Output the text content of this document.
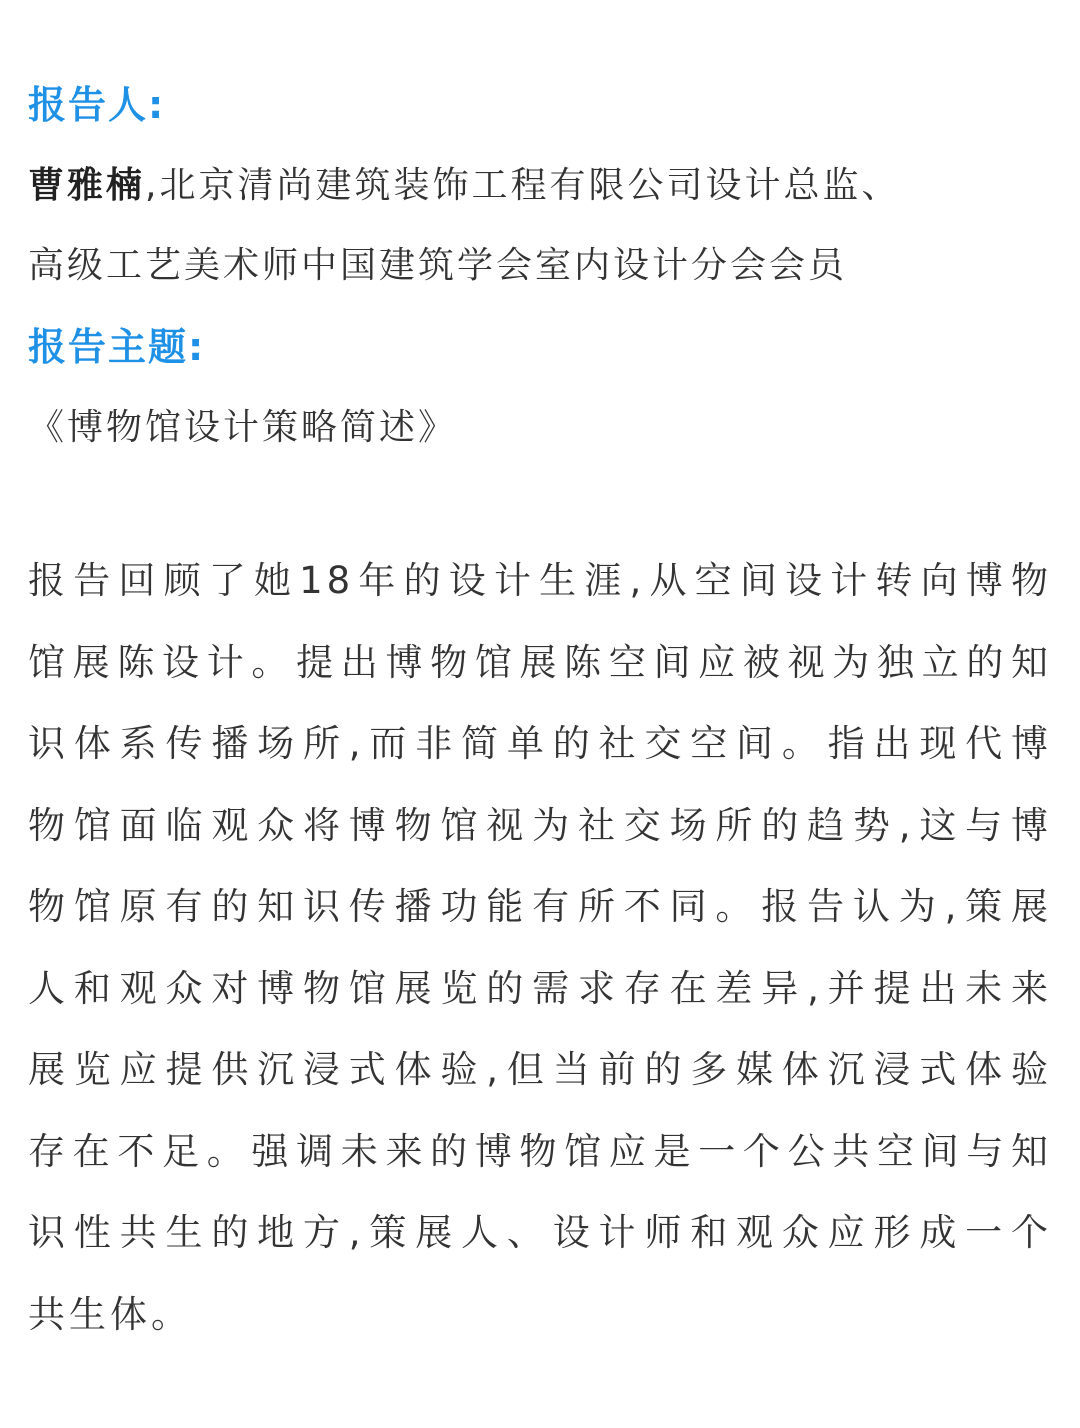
报告人:
曹雅楠,北京清尚建筑装饰工程有限公司设计总监、
高级工艺美术师中国建筑学会室内设计分会会员
报告主题:
《博物馆设计策略简述》

报告回顾了她18年的设计生涯,从空间设计转向博物
馆展陈设计。提出博物馆展陈空间应被视为独立的知
识体系传播场所,而非简单的社交空间。指出现代博
物馆面临观众将博物馆视为社交场所的趋势,这与博
物馆原有的知识传播功能有所不同。报告认为,策展
人和观众对博物馆展览的需求存在差异,并提出未来
展览应提供沉浸式体验,但当前的多媒体沉浸式体验
存在不足。强调未来的博物馆应是一个公共空间与知
识性共生的地方,策展人、设计师和观众应形成一个
共生体。
